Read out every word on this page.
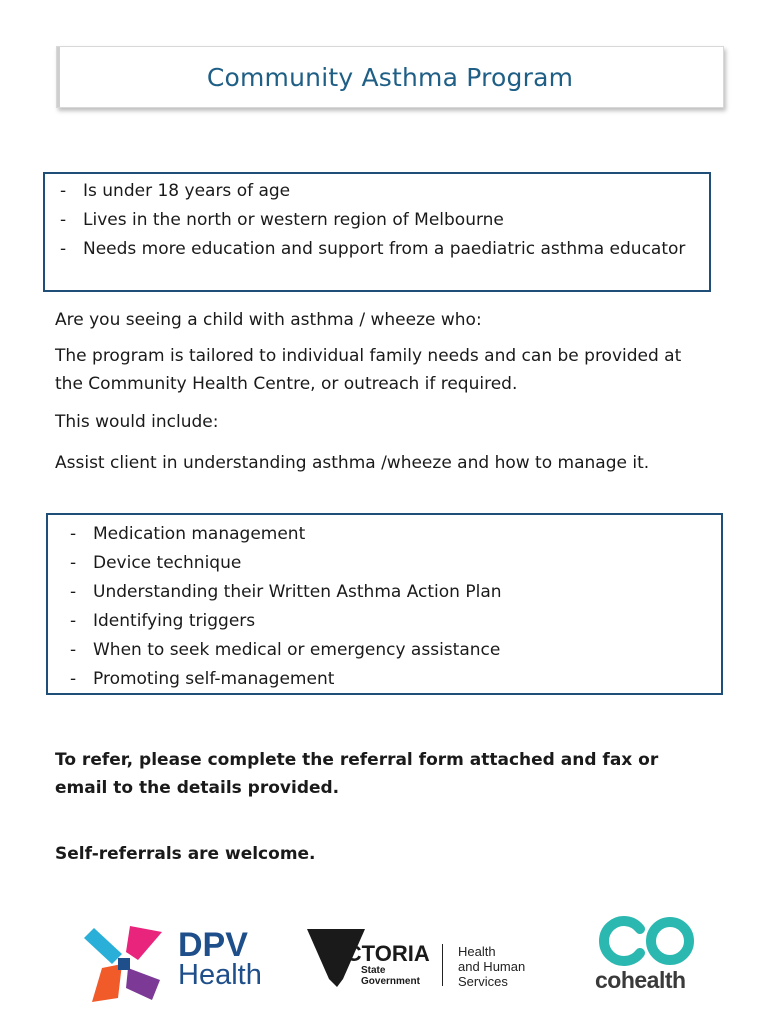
Community Asthma Program
- Is under 18 years of age
- Lives in the north or western region of Melbourne
- Needs more education and support from a paediatric asthma educator

Are you seeing a child with asthma / wheeze who:

The program is tailored to individual family needs and can be provided at the Community Health Centre, or outreach if required.

This would include:

Assist client in understanding asthma /wheeze and how to manage it.

- Medication management
- Device technique
- Understanding their Written Asthma Action Plan
- Identifying triggers
- When to seek medical or emergency assistance
- Promoting self-management

To refer, please complete the referral form attached and fax or email to the details provided.

Self-referrals are welcome.

DPV
Health
VICTORIA
State
Government
Health
and Human
Services	cohealth
